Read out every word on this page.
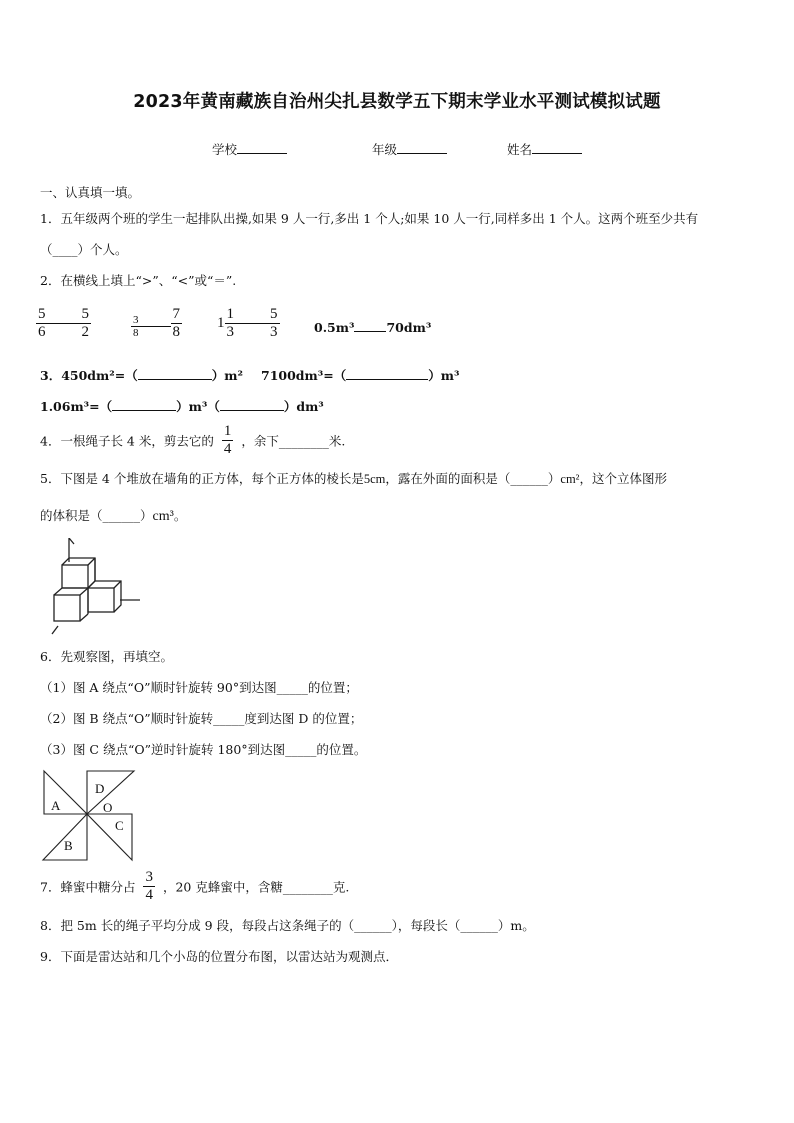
2023年黄南藏族自治州尖扎县数学五下期末学业水平测试模拟试题
学校	年级	姓名
一、认真填一填。
1．五年级两个班的学生一起排队出操,如果 9 人一行,多出 1 个人;如果 10 人一行,同样多出 1 个人。这两个班至少共有
（____）个人。
2．在横线上填上“>”、“<”或“＝”.
$\frac{5}{6} \frac{5}{2}$	$\frac{3}{8} \frac{7}{8} 1 \frac{1}{3} \frac{5}{3}$	0.5m³	70dm³
3．450dm²=（	）m² 7100dm³=（	）m³
1.06m³=（	）m³（	）dm³
4．一根绳子长 4 米，剪去它的 $\frac{1}{4}$ ，余下________米.
5．下图是 4 个堆放在墙角的正方体，每个正方体的棱长是5cm，露在外面的面积是（______）cm²，这个立体图形
的体积是（______）cm³。
6．先观察图，再填空。
（1）图 A 绕点“O”顺时针旋转 90°到达图_____的位置；
（2）图 B 绕点“O”顺时针旋转_____度到达图 D 的位置；
（3）图 C 绕点“O”逆时针旋转 180°到达图_____的位置。
A
D
O
C
B
7．蜂蜜中糖分占 $\frac{3}{4}$ ，20 克蜂蜜中，含糖________克.
8．把 5m 长的绳子平均分成 9 段，每段占这条绳子的（______），每段长（______）m。
9．下面是雷达站和几个小岛的位置分布图，以雷达站为观测点．
